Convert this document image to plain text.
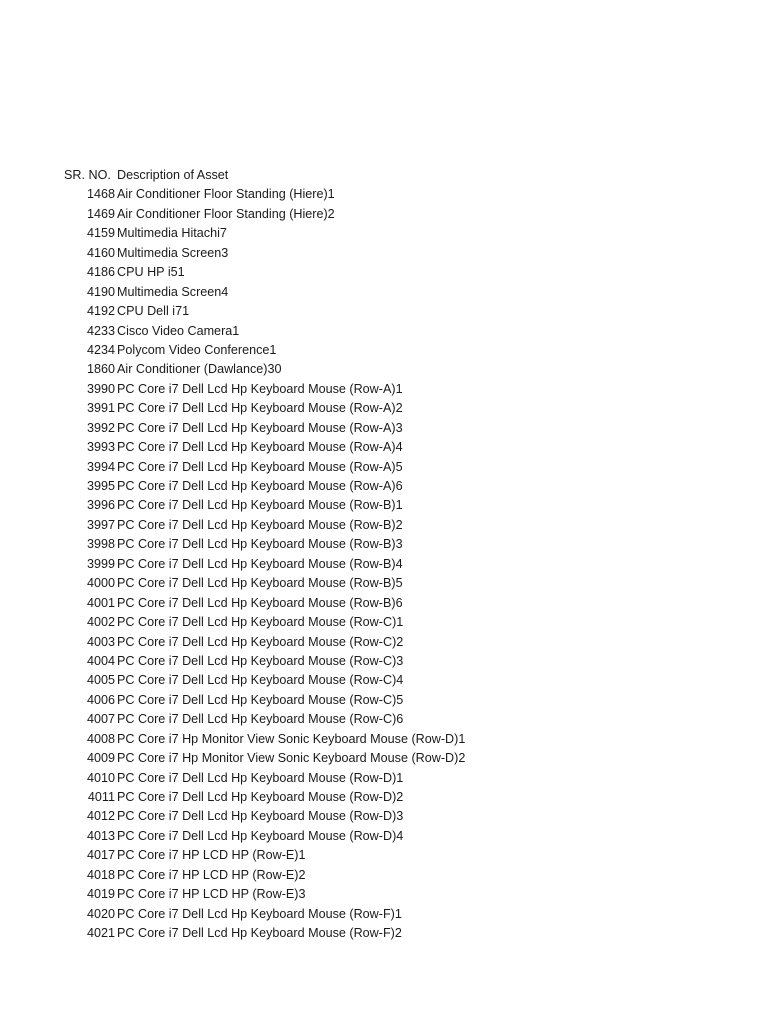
SR. NO. Description of Asset
1468 Air Conditioner Floor Standing (Hiere)1
1469 Air Conditioner Floor Standing (Hiere)2
4159 Multimedia Hitachi7
4160 Multimedia Screen3
4186 CPU HP i51
4190 Multimedia Screen4
4192 CPU Dell i71
4233 Cisco Video Camera1
4234 Polycom Video Conference1
1860 Air Conditioner (Dawlance)30
3990 PC Core i7 Dell Lcd Hp Keyboard Mouse (Row-A)1
3991 PC Core i7 Dell Lcd Hp Keyboard Mouse (Row-A)2
3992 PC Core i7 Dell Lcd Hp Keyboard Mouse (Row-A)3
3993 PC Core i7 Dell Lcd Hp Keyboard Mouse (Row-A)4
3994 PC Core i7 Dell Lcd Hp Keyboard Mouse (Row-A)5
3995 PC Core i7 Dell Lcd Hp Keyboard Mouse (Row-A)6
3996 PC Core i7 Dell Lcd Hp Keyboard Mouse (Row-B)1
3997 PC Core i7 Dell Lcd Hp Keyboard Mouse (Row-B)2
3998 PC Core i7 Dell Lcd Hp Keyboard Mouse (Row-B)3
3999 PC Core i7 Dell Lcd Hp Keyboard Mouse (Row-B)4
4000 PC Core i7 Dell Lcd Hp Keyboard Mouse (Row-B)5
4001 PC Core i7 Dell Lcd Hp Keyboard Mouse (Row-B)6
4002 PC Core i7 Dell Lcd Hp Keyboard Mouse (Row-C)1
4003 PC Core i7 Dell Lcd Hp Keyboard Mouse (Row-C)2
4004 PC Core i7 Dell Lcd Hp Keyboard Mouse (Row-C)3
4005 PC Core i7 Dell Lcd Hp Keyboard Mouse (Row-C)4
4006 PC Core i7 Dell Lcd Hp Keyboard Mouse (Row-C)5
4007 PC Core i7 Dell Lcd Hp Keyboard Mouse (Row-C)6
4008 PC Core i7 Hp Monitor View Sonic Keyboard Mouse (Row-D)1
4009 PC Core i7 Hp Monitor View Sonic Keyboard Mouse (Row-D)2
4010 PC Core i7 Dell Lcd Hp Keyboard Mouse (Row-D)1
4011 PC Core i7 Dell Lcd Hp Keyboard Mouse (Row-D)2
4012 PC Core i7 Dell Lcd Hp Keyboard Mouse (Row-D)3
4013 PC Core i7 Dell Lcd Hp Keyboard Mouse (Row-D)4
4017 PC Core i7 HP LCD HP (Row-E)1
4018 PC Core i7 HP LCD HP (Row-E)2
4019 PC Core i7 HP LCD HP (Row-E)3
4020 PC Core i7 Dell Lcd Hp Keyboard Mouse (Row-F)1
4021 PC Core i7 Dell Lcd Hp Keyboard Mouse (Row-F)2
